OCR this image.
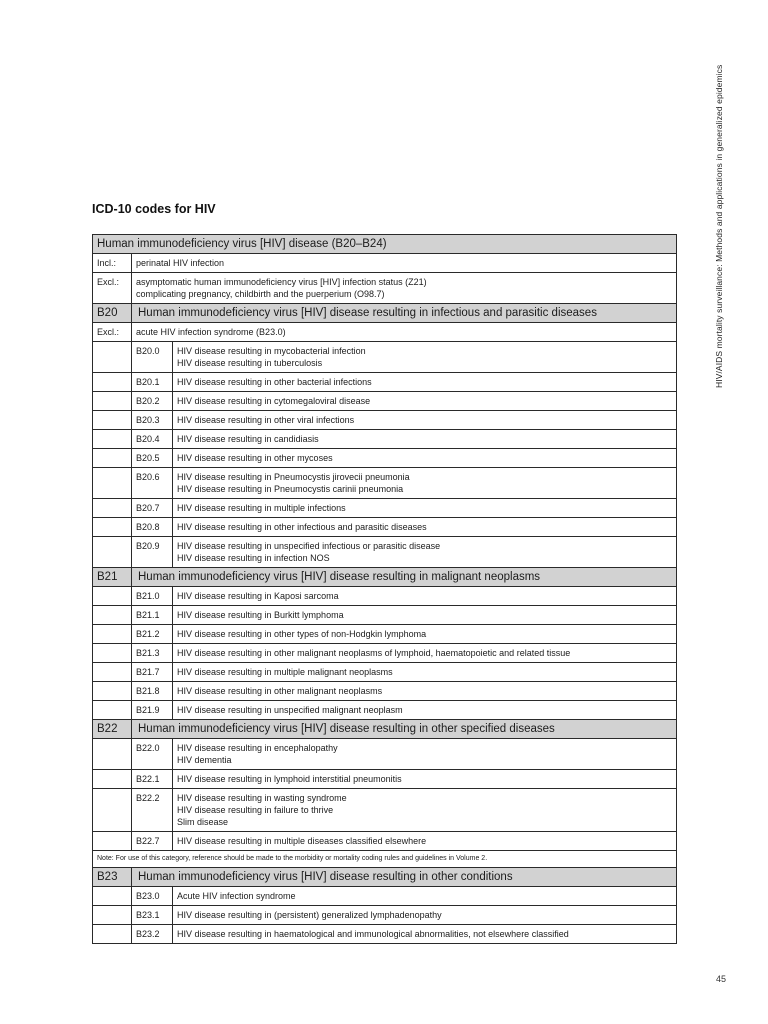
HIV/AIDS mortality surveillance: Methods and applications in generalized epidemics
ICD-10 codes for HIV
Human immunodeficiency virus [HIV] disease (B20–B24)		
Incl.:	perinatal HIV infection	

Excl.:	asymptomatic human immunodeficiency virus [HIV] infection status (Z21)
complicating pregnancy, childbirth and the puerperium (O98.7)	

B20	Human immunodeficiency virus [HIV] disease resulting in infectious and parasitic diseases	
Excl.:	acute HIV infection syndrome (B23.0)	
	B20.0	HIV disease resulting in mycobacterial infection
HIV disease resulting in tuberculosis

	B20.1	HIV disease resulting in other bacterial infections

	B20.2	HIV disease resulting in cytomegaloviral disease

	B20.3	HIV disease resulting in other viral infections

	B20.4	HIV disease resulting in candidiasis

	B20.5	HIV disease resulting in other mycoses

	B20.6	HIV disease resulting in Pneumocystis jirovecii pneumonia
HIV disease resulting in Pneumocystis carinii pneumonia

	B20.7	HIV disease resulting in multiple infections

	B20.8	HIV disease resulting in other infectious and parasitic diseases

	B20.9	HIV disease resulting in unspecified infectious or parasitic disease
HIV disease resulting in infection NOS

B21	Human immunodeficiency virus [HIV] disease resulting in malignant neoplasms	
	B21.0	HIV disease resulting in Kaposi sarcoma

	B21.1	HIV disease resulting in Burkitt lymphoma

	B21.2	HIV disease resulting in other types of non-Hodgkin lymphoma

	B21.3	HIV disease resulting in other malignant neoplasms of lymphoid, haematopoietic and related tissue

	B21.7	HIV disease resulting in multiple malignant neoplasms

	B21.8	HIV disease resulting in other malignant neoplasms

	B21.9	HIV disease resulting in unspecified malignant neoplasm

B22	Human immunodeficiency virus [HIV] disease resulting in other specified diseases	
	B22.0	HIV disease resulting in encephalopathy
HIV dementia

	B22.1	HIV disease resulting in lymphoid interstitial pneumonitis

	B22.2	HIV disease resulting in wasting syndrome
HIV disease resulting in failure to thrive
Slim disease

	B22.7	HIV disease resulting in multiple diseases classified elsewhere

Note: For use of this category, reference should be made to the morbidity or mortality coding rules and guidelines in Volume 2.		
B23	Human immunodeficiency virus [HIV] disease resulting in other conditions	
	B23.0	Acute HIV infection syndrome

	B23.1	HIV disease resulting in (persistent) generalized lymphadenopathy

	B23.2	HIV disease resulting in haematological and immunological abnormalities, not elsewhere classified
45
